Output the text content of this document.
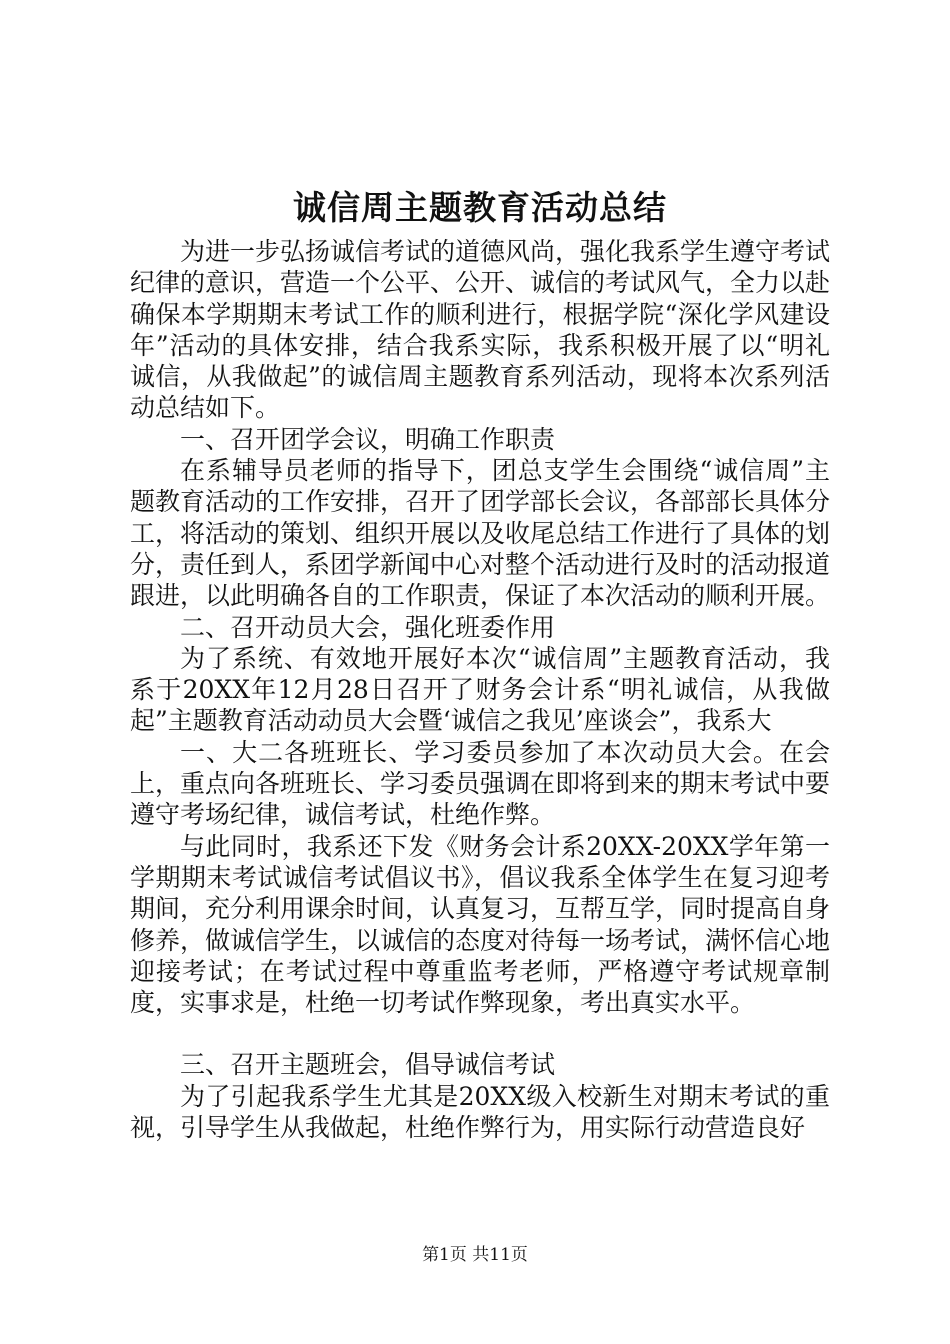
诚信周主题教育活动总结

为进一步弘扬诚信考试的道德风尚，强化我系学生遵守考试纪律的意识，营造一个公平、公开、诚信的考试风气，全力以赴确保本学期期末考试工作的顺利进行，根据学院“深化学风建设年”活动的具体安排，结合我系实际，我系积极开展了以“明礼诚信，从我做起”的诚信周主题教育系列活动，现将本次系列活动总结如下。

一、召开团学会议，明确工作职责

在系辅导员老师的指导下，团总支学生会围绕“诚信周”主题教育活动的工作安排，召开了团学部长会议，各部部长具体分工，将活动的策划、组织开展以及收尾总结工作进行了具体的划分，责任到人，系团学新闻中心对整个活动进行及时的活动报道跟进，以此明确各自的工作职责，保证了本次活动的顺利开展。

二、召开动员大会，强化班委作用

为了系统、有效地开展好本次“诚信周”主题教育活动，我系于20XX年12月28日召开了财务会计系“明礼诚信，从我做起”主题教育活动动员大会暨‘诚信之我见’座谈会”，我系大

一、大二各班班长、学习委员参加了本次动员大会。在会上，重点向各班班长、学习委员强调在即将到来的期末考试中要遵守考场纪律，诚信考试，杜绝作弊。

与此同时，我系还下发《财务会计系20XX-20XX学年第一学期期末考试诚信考试倡议书》，倡议我系全体学生在复习迎考期间，充分利用课余时间，认真复习，互帮互学，同时提高自身修养，做诚信学生，以诚信的态度对待每一场考试，满怀信心地迎接考试；在考试过程中尊重监考老师，严格遵守考试规章制度，实事求是，杜绝一切考试作弊现象，考出真实水平。

三、召开主题班会，倡导诚信考试

为了引起我系学生尤其是20XX级入校新生对期末考试的重视，引导学生从我做起，杜绝作弊行为，用实际行动营造良好

第1页 共11页
